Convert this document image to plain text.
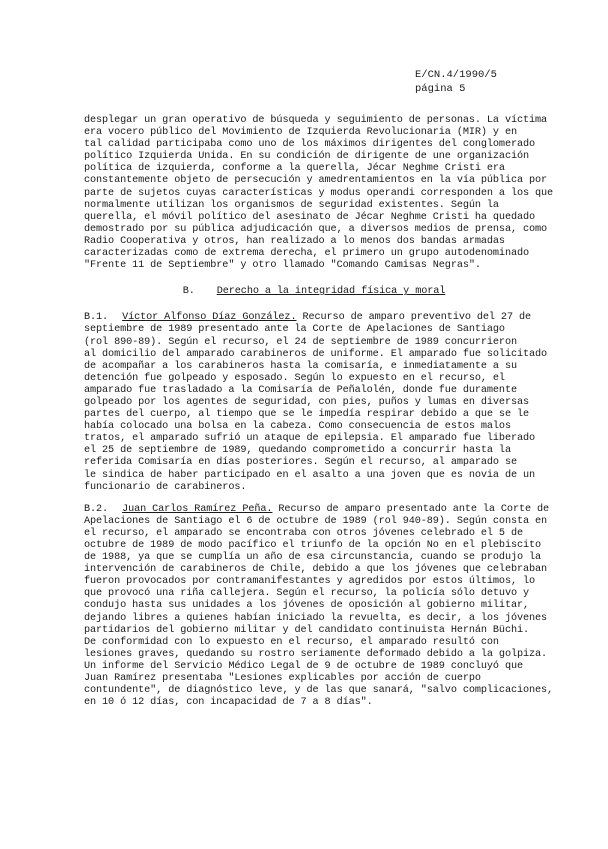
E/CN.4/1990/5
página 5
desplegar un gran operativo de búsqueda y seguimiento de personas. La víctima
era vocero público del Movimiento de Izquierda Revolucionaria (MIR) y en
tal calidad participaba como uno de los máximos dirigentes del conglomerado
político Izquierda Unida. En su condición de dirigente de une organización
política de izquierda, conforme a la querella, Jécar Neghme Cristi era
constantemente objeto de persecución y amedrentamientos en la vía pública por
parte de sujetos cuyas características y modus operandi corresponden a los que
normalmente utilizan los organismos de seguridad existentes. Según la
querella, el móvil político del asesinato de Jécar Neghme Cristi ha quedado
demostrado por su pública adjudicación que, a diversos medios de prensa, como
Radio Cooperativa y otros, han realizado a lo menos dos bandas armadas
caracterizadas como de extrema derecha, el primero un grupo autodenominado
"Frente 11 de Septiembre" y otro llamado "Comando Camisas Negras".
B. Derecho a la integridad física y moral
B.1. Víctor Alfonso Díaz González. Recurso de amparo preventivo del 27 de
septiembre de 1989 presentado ante la Corte de Apelaciones de Santiago
(rol 890-89). Según el recurso, el 24 de septiembre de 1989 concurrieron
al domicilio del amparado carabineros de uniforme. El amparado fue solicitado
de acompañar a los carabineros hasta la comisaría, e inmediatamente a su
detención fue golpeado y esposado. Según lo expuesto en el recurso, el
amparado fue trasladado a la Comisaría de Peñalolén, donde fue duramente
golpeado por los agentes de seguridad, con pies, puños y lumas en diversas
partes del cuerpo, al tiempo que se le impedía respirar debido a que se le
había colocado una bolsa en la cabeza. Como consecuencia de estos malos
tratos, el amparado sufrió un ataque de epilepsia. El amparado fue liberado
el 25 de septiembre de 1989, quedando comprometido a concurrir hasta la
referida Comisaría en días posteriores. Según el recurso, al amparado se
le sindica de haber participado en el asalto a una joven que es novia de un
funcionario de carabineros.
B.2. Juan Carlos Ramírez Peña. Recurso de amparo presentado ante la Corte de
Apelaciones de Santiago el 6 de octubre de 1989 (rol 940-89). Según consta en
el recurso, el amparado se encontraba con otros jóvenes celebrado el 5 de
octubre de 1989 de modo pacífico el triunfo de la opción No en el plebiscito
de 1988, ya que se cumplía un año de esa circunstancia, cuando se produjo la
intervención de carabineros de Chile, debido a que los jóvenes que celebraban
fueron provocados por contramanifestantes y agredidos por estos últimos, lo
que provocó una riña callejera. Según el recurso, la policía sólo detuvo y
condujo hasta sus unidades a los jóvenes de oposición al gobierno militar,
dejando libres a quienes habían iniciado la revuelta, es decir, a los jóvenes
partidarios del gobierno militar y del candidato continuista Hernán Büchi.
De conformidad con lo expuesto en el recurso, el amparado resultó con
lesiones graves, quedando su rostro seriamente deformado debido a la golpiza.
Un informe del Servicio Médico Legal de 9 de octubre de 1989 concluyó que
Juan Ramírez presentaba "Lesiones explicables por acción de cuerpo
contundente", de diagnóstico leve, y de las que sanará, "salvo complicaciones,
en 10 ó 12 días, con incapacidad de 7 a 8 días".
